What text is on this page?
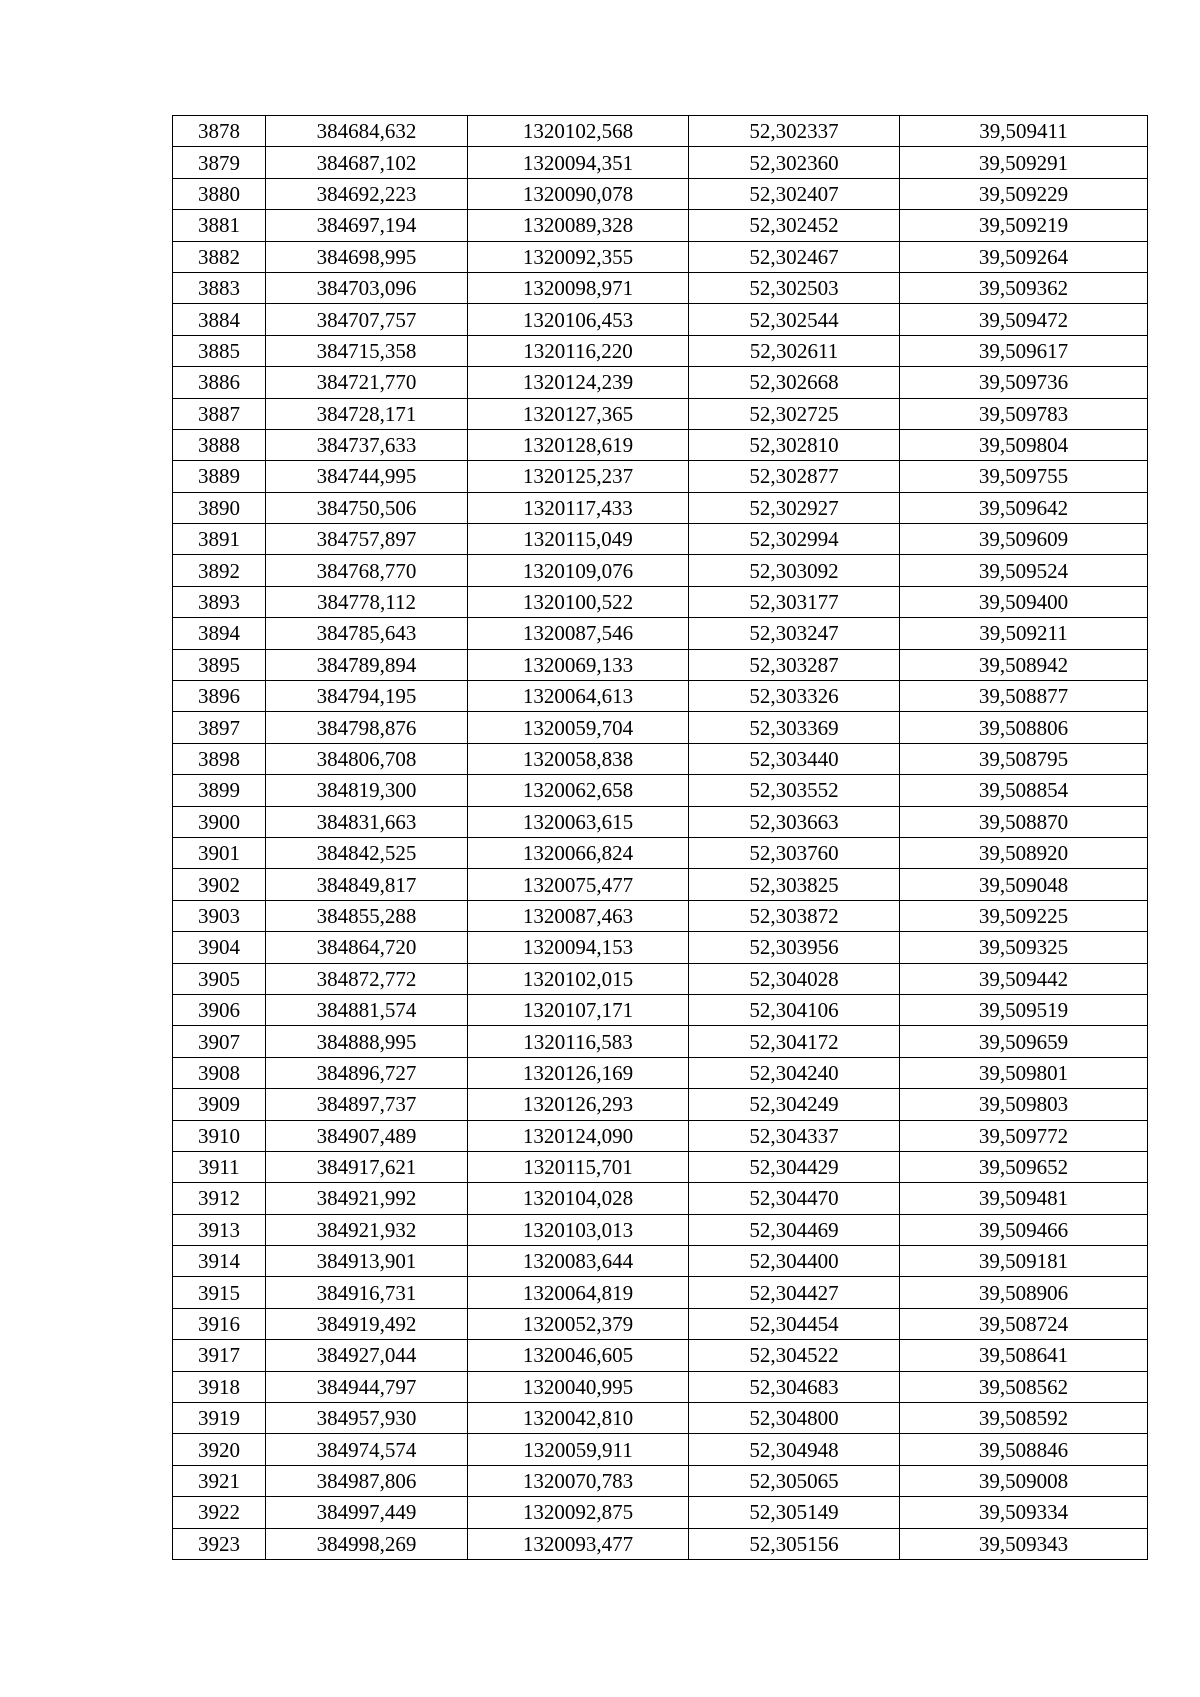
3878	384684,632	1320102,568	52,302337	39,509411
3879	384687,102	1320094,351	52,302360	39,509291
3880	384692,223	1320090,078	52,302407	39,509229
3881	384697,194	1320089,328	52,302452	39,509219
3882	384698,995	1320092,355	52,302467	39,509264
3883	384703,096	1320098,971	52,302503	39,509362
3884	384707,757	1320106,453	52,302544	39,509472
3885	384715,358	1320116,220	52,302611	39,509617
3886	384721,770	1320124,239	52,302668	39,509736
3887	384728,171	1320127,365	52,302725	39,509783
3888	384737,633	1320128,619	52,302810	39,509804
3889	384744,995	1320125,237	52,302877	39,509755
3890	384750,506	1320117,433	52,302927	39,509642
3891	384757,897	1320115,049	52,302994	39,509609
3892	384768,770	1320109,076	52,303092	39,509524
3893	384778,112	1320100,522	52,303177	39,509400
3894	384785,643	1320087,546	52,303247	39,509211
3895	384789,894	1320069,133	52,303287	39,508942
3896	384794,195	1320064,613	52,303326	39,508877
3897	384798,876	1320059,704	52,303369	39,508806
3898	384806,708	1320058,838	52,303440	39,508795
3899	384819,300	1320062,658	52,303552	39,508854
3900	384831,663	1320063,615	52,303663	39,508870
3901	384842,525	1320066,824	52,303760	39,508920
3902	384849,817	1320075,477	52,303825	39,509048
3903	384855,288	1320087,463	52,303872	39,509225
3904	384864,720	1320094,153	52,303956	39,509325
3905	384872,772	1320102,015	52,304028	39,509442
3906	384881,574	1320107,171	52,304106	39,509519
3907	384888,995	1320116,583	52,304172	39,509659
3908	384896,727	1320126,169	52,304240	39,509801
3909	384897,737	1320126,293	52,304249	39,509803
3910	384907,489	1320124,090	52,304337	39,509772
3911	384917,621	1320115,701	52,304429	39,509652
3912	384921,992	1320104,028	52,304470	39,509481
3913	384921,932	1320103,013	52,304469	39,509466
3914	384913,901	1320083,644	52,304400	39,509181
3915	384916,731	1320064,819	52,304427	39,508906
3916	384919,492	1320052,379	52,304454	39,508724
3917	384927,044	1320046,605	52,304522	39,508641
3918	384944,797	1320040,995	52,304683	39,508562
3919	384957,930	1320042,810	52,304800	39,508592
3920	384974,574	1320059,911	52,304948	39,508846
3921	384987,806	1320070,783	52,305065	39,509008
3922	384997,449	1320092,875	52,305149	39,509334
3923	384998,269	1320093,477	52,305156	39,509343
